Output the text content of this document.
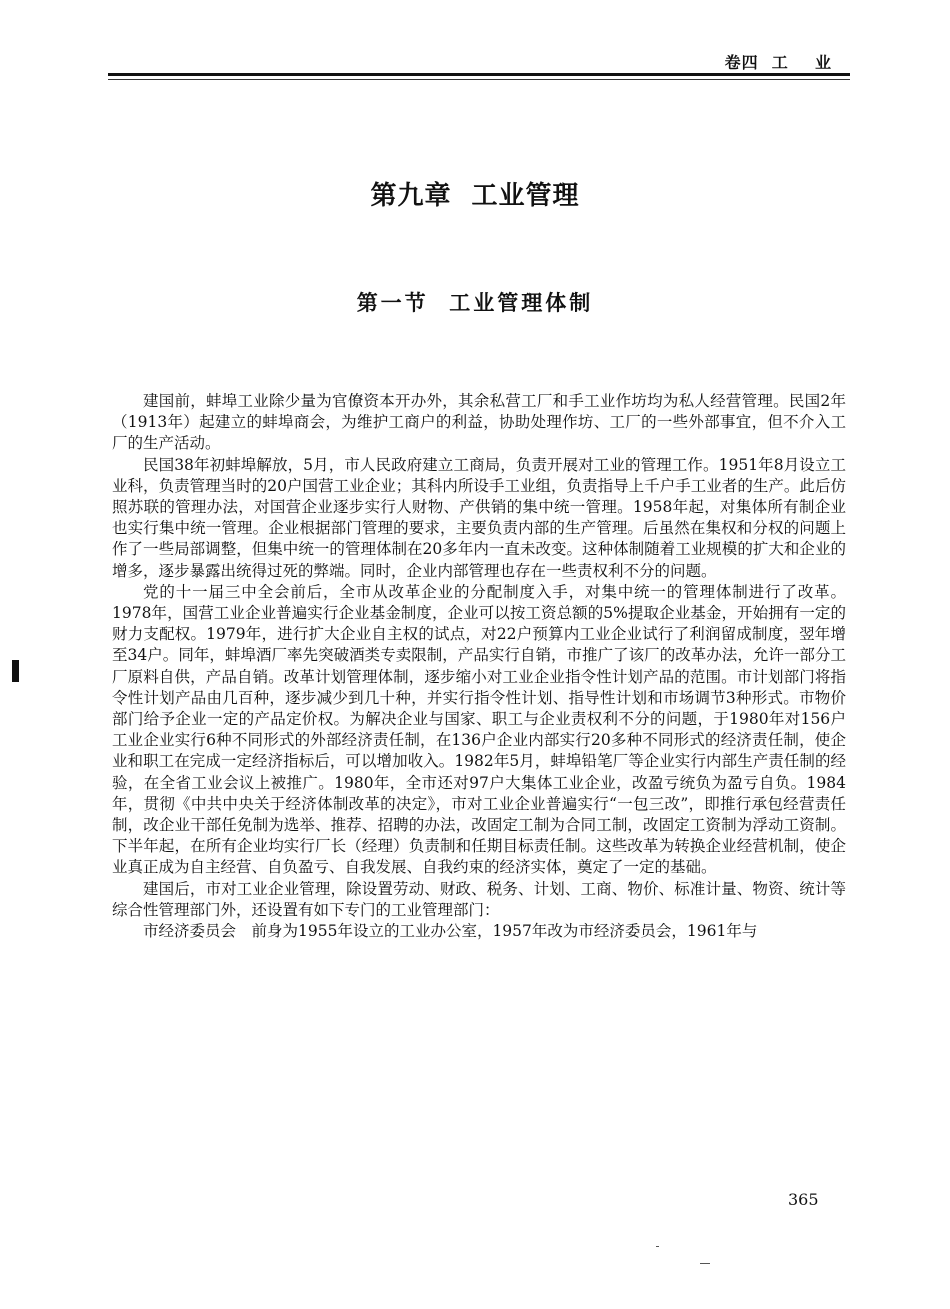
卷四  工    业
第九章  工业管理
第一节  工业管理体制

建国前，蚌埠工业除少量为官僚资本开办外，其余私营工厂和手工业作坊均为私人经营管理。民国2年（1913年）起建立的蚌埠商会，为维护工商户的利益，协助处理作坊、工厂的一些外部事宜，但不介入工厂的生产活动。

民国38年初蚌埠解放，5月，市人民政府建立工商局，负责开展对工业的管理工作。1951年8月设立工业科，负责管理当时的20户国营工业企业；其科内所设手工业组，负责指导上千户手工业者的生产。此后仿照苏联的管理办法，对国营企业逐步实行人财物、产供销的集中统一管理。1958年起，对集体所有制企业也实行集中统一管理。企业根据部门管理的要求，主要负责内部的生产管理。后虽然在集权和分权的问题上作了一些局部调整，但集中统一的管理体制在20多年内一直未改变。这种体制随着工业规模的扩大和企业的增多，逐步暴露出统得过死的弊端。同时，企业内部管理也存在一些责权利不分的问题。

党的十一届三中全会前后，全市从改革企业的分配制度入手，对集中统一的管理体制进行了改革。1978年，国营工业企业普遍实行企业基金制度，企业可以按工资总额的5%提取企业基金，开始拥有一定的财力支配权。1979年，进行扩大企业自主权的试点，对22户预算内工业企业试行了利润留成制度，翌年增至34户。同年，蚌埠酒厂率先突破酒类专卖限制，产品实行自销，市推广了该厂的改革办法，允许一部分工厂原料自供，产品自销。改革计划管理体制，逐步缩小对工业企业指令性计划产品的范围。市计划部门将指令性计划产品由几百种，逐步减少到几十种，并实行指令性计划、指导性计划和市场调节3种形式。市物价部门给予企业一定的产品定价权。为解决企业与国家、职工与企业责权利不分的问题，于1980年对156户工业企业实行6种不同形式的外部经济责任制，在136户企业内部实行20多种不同形式的经济责任制，使企业和职工在完成一定经济指标后，可以增加收入。1982年5月，蚌埠铅笔厂等企业实行内部生产责任制的经验，在全省工业会议上被推广。1980年，全市还对97户大集体工业企业，改盈亏统负为盈亏自负。1984年，贯彻《中共中央关于经济体制改革的决定》，市对工业企业普遍实行“一包三改”，即推行承包经营责任制，改企业干部任免制为选举、推荐、招聘的办法，改固定工制为合同工制，改固定工资制为浮动工资制。下半年起，在所有企业均实行厂长（经理）负责制和任期目标责任制。这些改革为转换企业经营机制，使企业真正成为自主经营、自负盈亏、自我发展、自我约束的经济实体，奠定了一定的基础。

建国后，市对工业企业管理，除设置劳动、财政、税务、计划、工商、物价、标准计量、物资、统计等综合性管理部门外，还设置有如下专门的工业管理部门：

市经济委员会　前身为1955年设立的工业办公室，1957年改为市经济委员会，1961年与

365
